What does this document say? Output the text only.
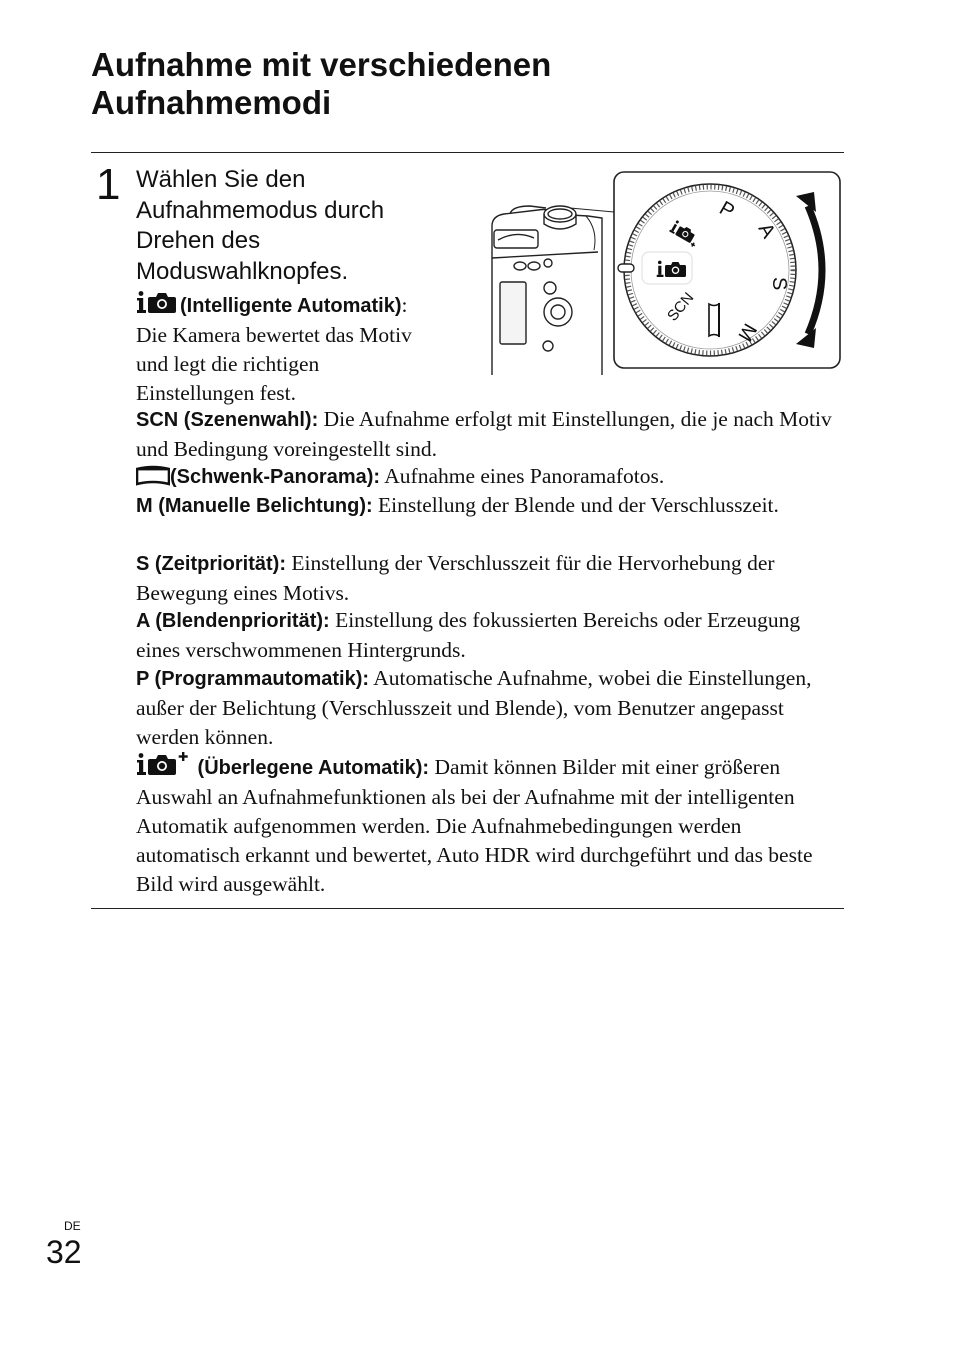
Aufnahme mit verschiedenen
Aufnahmemodi
1 Wählen Sie den Aufnahmemodus durch Drehen des Moduswahlknopfes.
(Intelligente Automatik):
Die Kamera bewertet das Motiv
und legt die richtigen
Einstellungen fest.
SCN (Szenenwahl): Die Aufnahme erfolgt mit Einstellungen, die je nach Motiv und Bedingung voreingestellt sind.
(Schwenk-Panorama): Aufnahme eines Panoramafotos.
M (Manuelle Belichtung): Einstellung der Blende und der Verschlusszeit.
S (Zeitpriorität): Einstellung der Verschlusszeit für die Hervorhebung der Bewegung eines Motivs.
A (Blendenpriorität): Einstellung des fokussierten Bereichs oder Erzeugung eines verschwommenen Hintergrunds.
P (Programmautomatik): Automatische Aufnahme, wobei die Einstellungen, außer der Belichtung (Verschlusszeit und Blende), vom Benutzer angepasst werden können.
(Überlegene Automatik): Damit können Bilder mit einer größeren Auswahl an Aufnahmefunktionen als bei der Aufnahme mit der intelligenten Automatik aufgenommen werden. Die Aufnahmebedingungen werden automatisch erkannt und bewertet, Auto HDR wird durchgeführt und das beste Bild wird ausgewählt.
P
A
S
M
SCN
DE
32
